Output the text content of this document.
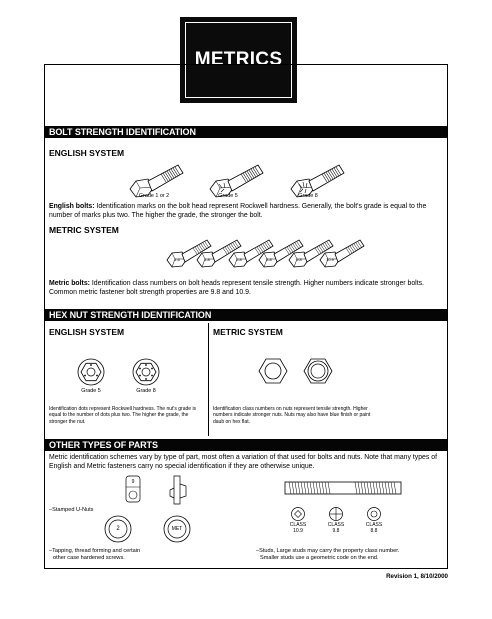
METRICS
BOLT STRENGTH IDENTIFICATION
ENGLISH SYSTEM
Grade 1 or 2	Grade 5	Grade 8
English bolts: Identification marks on the bolt head represent Rockwell hardness. Generally, the bolt's grade is equal to the number of marks plus two. The higher the grade, the stronger the bolt.
METRIC SYSTEM
4.6	4.8	5.8	8.8	9.8	10.9
Metric bolts: Identification class numbers on bolt heads represent tensile strength. Higher numbers indicate stronger bolts. Common metric fastener bolt strength properties are 9.8 and 10.9.
HEX NUT STRENGTH IDENTIFICATION
ENGLISH SYSTEM	METRIC SYSTEM
Grade 5	Grade 8
Identification dots represent Rockwell hardness. The nut's grade is equal to the number of dots plus two. The higher the grade, the stronger the nut.
Identification class numbers on nuts represent tensile strength. Higher numbers indicate stronger nuts. Nuts may also have blue finish or paint daub on hex flat.
OTHER TYPES OF PARTS
Metric identification schemes vary by type of part, most often a variation of that used for bolts and nuts. Note that many types of English and Metric fasteners carry no special identification if they are otherwise unique.
9
–Stamped U-Nuts
2	MET
CLASS
10.9
CLASS
9.8
CLASS
8.8
–Tapping, thread forming and certain
other case hardened screws.
–Studs, Large studs may carry the property class number.
Smaller studs use a geometric code on the end.
Revision 1, 8/10/2000
